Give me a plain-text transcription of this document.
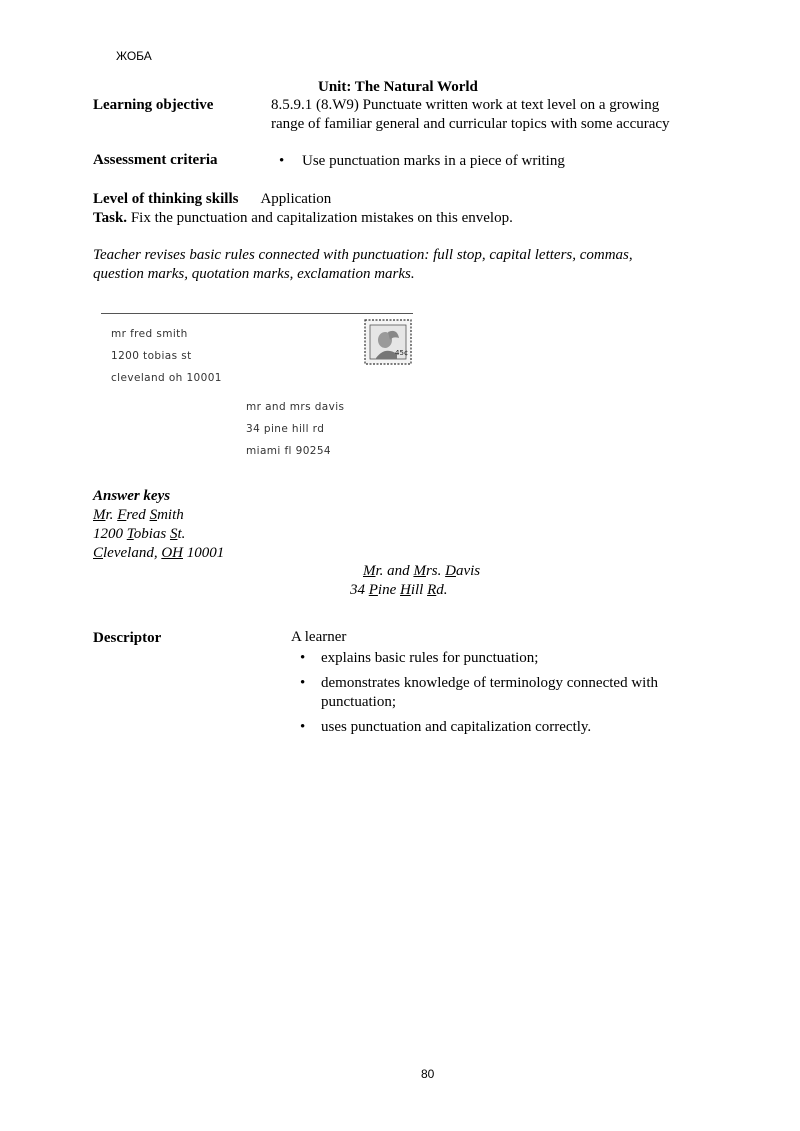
ЖОБА
Unit: The Natural World
Learning objective	8.5.9.1 (8.W9) Punctuate written work at text level on a growing
range of familiar general and curricular topics with some accuracy
Assessment criteria	• Use punctuation marks in a piece of writing
Level of thinking skills Application
Task. Fix the punctuation and capitalization mistakes on this envelop.
Teacher revises basic rules connected with punctuation: full stop, capital letters, commas,
question marks, quotation marks, exclamation marks.
mr fred smith
1200 tobias st
cleveland oh 10001
45¢
mr and mrs davis
34 pine hill rd
miami fl 90254
Answer keys
Mr. Fred Smith
1200 Tobias St.
Cleveland, OH 10001
Mr. and Mrs. Davis
34 Pine Hill Rd.
Descriptor	A learner
• explains basic rules for punctuation;
• demonstrates knowledge of terminology connected with
punctuation;
• uses punctuation and capitalization correctly.
80
